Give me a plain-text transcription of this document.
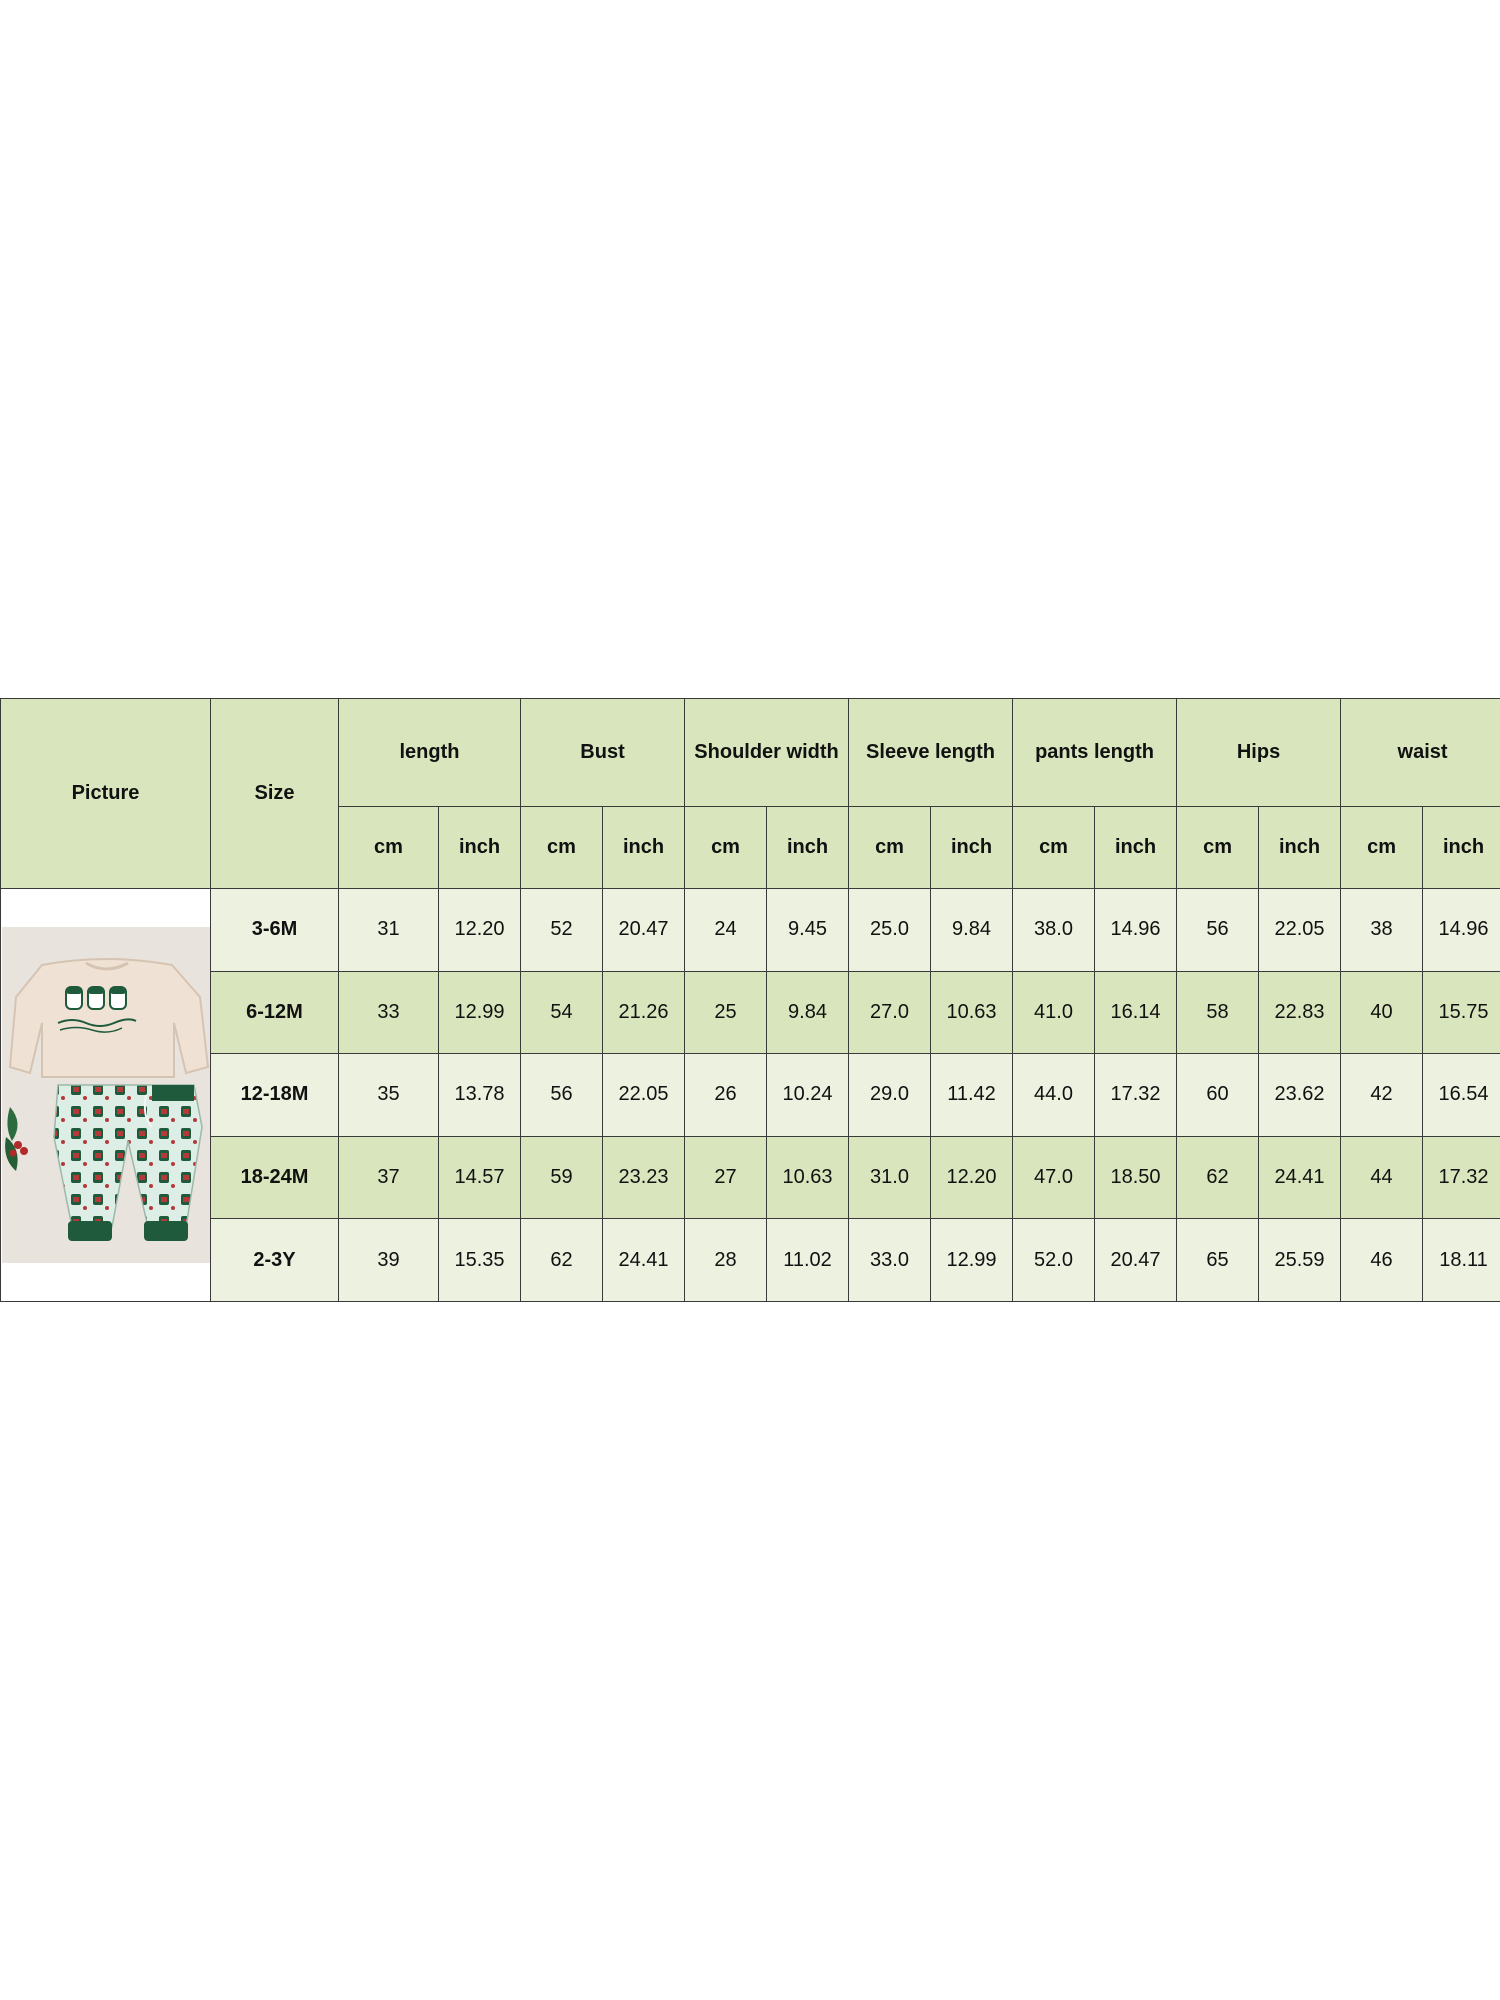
Picture	Size	length		Bust		Shoulder width		Sleeve length		pants length		Hips		waist	
		cm	inch	cm	inch	cm	inch	cm	inch	cm	inch	cm	inch	cm	inch

	3-6M	31	12.20	52	20.47	24	9.45	25.0	9.84	38.0	14.96	56	22.05	38	14.96
	6-12M	33	12.99	54	21.26	25	9.84	27.0	10.63	41.0	16.14	58	22.83	40	15.75
	12-18M	35	13.78	56	22.05	26	10.24	29.0	11.42	44.0	17.32	60	23.62	42	16.54
	18-24M	37	14.57	59	23.23	27	10.63	31.0	12.20	47.0	18.50	62	24.41	44	17.32
	2-3Y	39	15.35	62	24.41	28	11.02	33.0	12.99	52.0	20.47	65	25.59	46	18.11
